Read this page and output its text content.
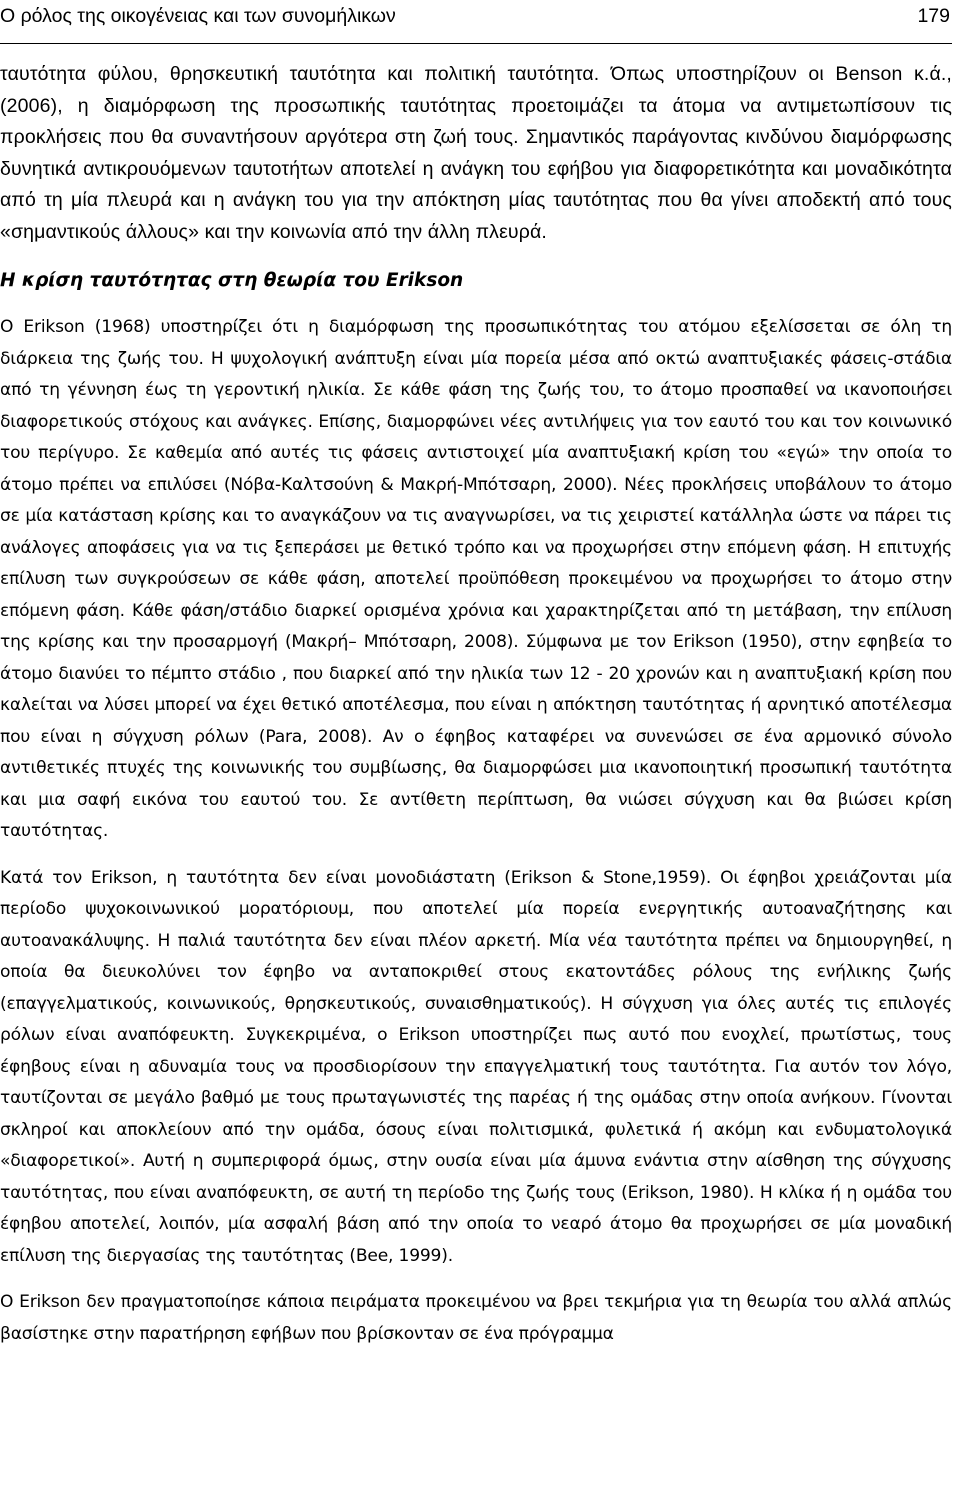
Ο ρόλος της οικογένειας και των συνομήλικων	179

ταυτότητα φύλου, θρησκευτική ταυτότητα και πολιτική ταυτότητα. Όπως υποστηρίζουν οι Benson κ.ά., (2006), η διαμόρφωση της προσωπικής ταυτότητας προετοιμάζει τα άτομα να αντιμετωπίσουν τις προκλήσεις που θα συναντήσουν αργότερα στη ζωή τους. Σημαντικός παράγοντας κινδύνου διαμόρφωσης δυνητικά αντικρουόμενων ταυτοτήτων αποτελεί η ανάγκη του εφήβου για διαφορετικότητα και μοναδικότητα από τη μία πλευρά και η ανάγκη του για την απόκτηση μίας ταυτότητας που θα γίνει αποδεκτή από τους «σημαντικούς άλλους» και την κοινωνία από την άλλη πλευρά.

Η κρίση ταυτότητας στη θεωρία του Erikson

Ο Erikson (1968) υποστηρίζει ότι η διαμόρφωση της προσωπικότητας του ατόμου εξελίσσεται σε όλη τη διάρκεια της ζωής του. Η ψυχολογική ανάπτυξη είναι μία πορεία μέσα από οκτώ αναπτυξιακές φάσεις-στάδια από τη γέννηση έως τη γεροντική ηλικία. Σε κάθε φάση της ζωής του, το άτομο προσπαθεί να ικανοποιήσει διαφορετικούς στόχους και ανάγκες. Επίσης, διαμορφώνει νέες αντιλήψεις για τον εαυτό του και τον κοινωνικό του περίγυρο. Σε καθεμία από αυτές τις φάσεις αντιστοιχεί μία αναπτυξιακή κρίση του «εγώ» την οποία το άτομο πρέπει να επιλύσει (Νόβα-Καλτσούνη & Μακρή-Μπότσαρη, 2000). Νέες προκλήσεις υποβάλουν το άτομο σε μία κατάσταση κρίσης και το αναγκάζουν να τις αναγνωρίσει, να τις χειριστεί κατάλληλα ώστε να πάρει τις ανάλογες αποφάσεις για να τις ξεπεράσει με θετικό τρόπο και να προχωρήσει στην επόμενη φάση. Η επιτυχής επίλυση των συγκρούσεων σε κάθε φάση, αποτελεί προϋπόθεση προκειμένου να προχωρήσει το άτομο στην επόμενη φάση. Κάθε φάση/στάδιο διαρκεί ορισμένα χρόνια και χαρακτηρίζεται από τη μετάβαση, την επίλυση της κρίσης και την προσαρμογή (Μακρή– Μπότσαρη, 2008). Σύμφωνα με τον Erikson (1950), στην εφηβεία το άτομο διανύει το πέμπτο στάδιο , που διαρκεί από την ηλικία των 12 - 20 χρονών και η αναπτυξιακή κρίση που καλείται να λύσει μπορεί να έχει θετικό αποτέλεσμα, που είναι η απόκτηση ταυτότητας ή αρνητικό αποτέλεσμα που είναι η σύγχυση ρόλων (Para, 2008). Αν ο έφηβος καταφέρει να συνενώσει σε ένα αρμονικό σύνολο αντιθετικές πτυχές της κοινωνικής του συμβίωσης, θα διαμορφώσει μια ικανοποιητική προσωπική ταυτότητα και μια σαφή εικόνα του εαυτού του. Σε αντίθετη περίπτωση, θα νιώσει σύγχυση και θα βιώσει κρίση ταυτότητας.

Κατά τον Erikson, η ταυτότητα δεν είναι μονοδιάστατη (Erikson & Stone,1959). Οι έφηβοι χρειάζονται μία περίοδο ψυχοκοινωνικού μορατόριουμ, που αποτελεί μία πορεία ενεργητικής αυτοαναζήτησης και αυτοανακάλυψης. Η παλιά ταυτότητα δεν είναι πλέον αρκετή. Μία νέα ταυτότητα πρέπει να δημιουργηθεί, η οποία θα διευκολύνει τον έφηβο να ανταποκριθεί στους εκατοντάδες ρόλους της ενήλικης ζωής (επαγγελματικούς, κοινωνικούς, θρησκευτικούς, συναισθηματικούς). Η σύγχυση για όλες αυτές τις επιλογές ρόλων είναι αναπόφευκτη. Συγκεκριμένα, ο Erikson υποστηρίζει πως αυτό που ενοχλεί, πρωτίστως, τους έφηβους είναι η αδυναμία τους να προσδιορίσουν την επαγγελματική τους ταυτότητα. Για αυτόν τον λόγο, ταυτίζονται σε μεγάλο βαθμό με τους πρωταγωνιστές της παρέας ή της ομάδας στην οποία ανήκουν. Γίνονται σκληροί και αποκλείουν από την ομάδα, όσους είναι πολιτισμικά, φυλετικά ή ακόμη και ενδυματολογικά «διαφορετικοί». Αυτή η συμπεριφορά όμως, στην ουσία είναι μία άμυνα ενάντια στην αίσθηση της σύγχυσης ταυτότητας, που είναι αναπόφευκτη, σε αυτή τη περίοδο της ζωής τους (Erikson, 1980). Η κλίκα ή η ομάδα του έφηβου αποτελεί, λοιπόν, μία ασφαλή βάση από την οποία το νεαρό άτομο θα προχωρήσει σε μία μοναδική επίλυση της διεργασίας της ταυτότητας (Bee, 1999).

Ο Erikson δεν πραγματοποίησε κάποια πειράματα προκειμένου να βρει τεκμήρια για τη θεωρία του αλλά απλώς βασίστηκε στην παρατήρηση εφήβων που βρίσκονταν σε ένα πρόγραμμα
